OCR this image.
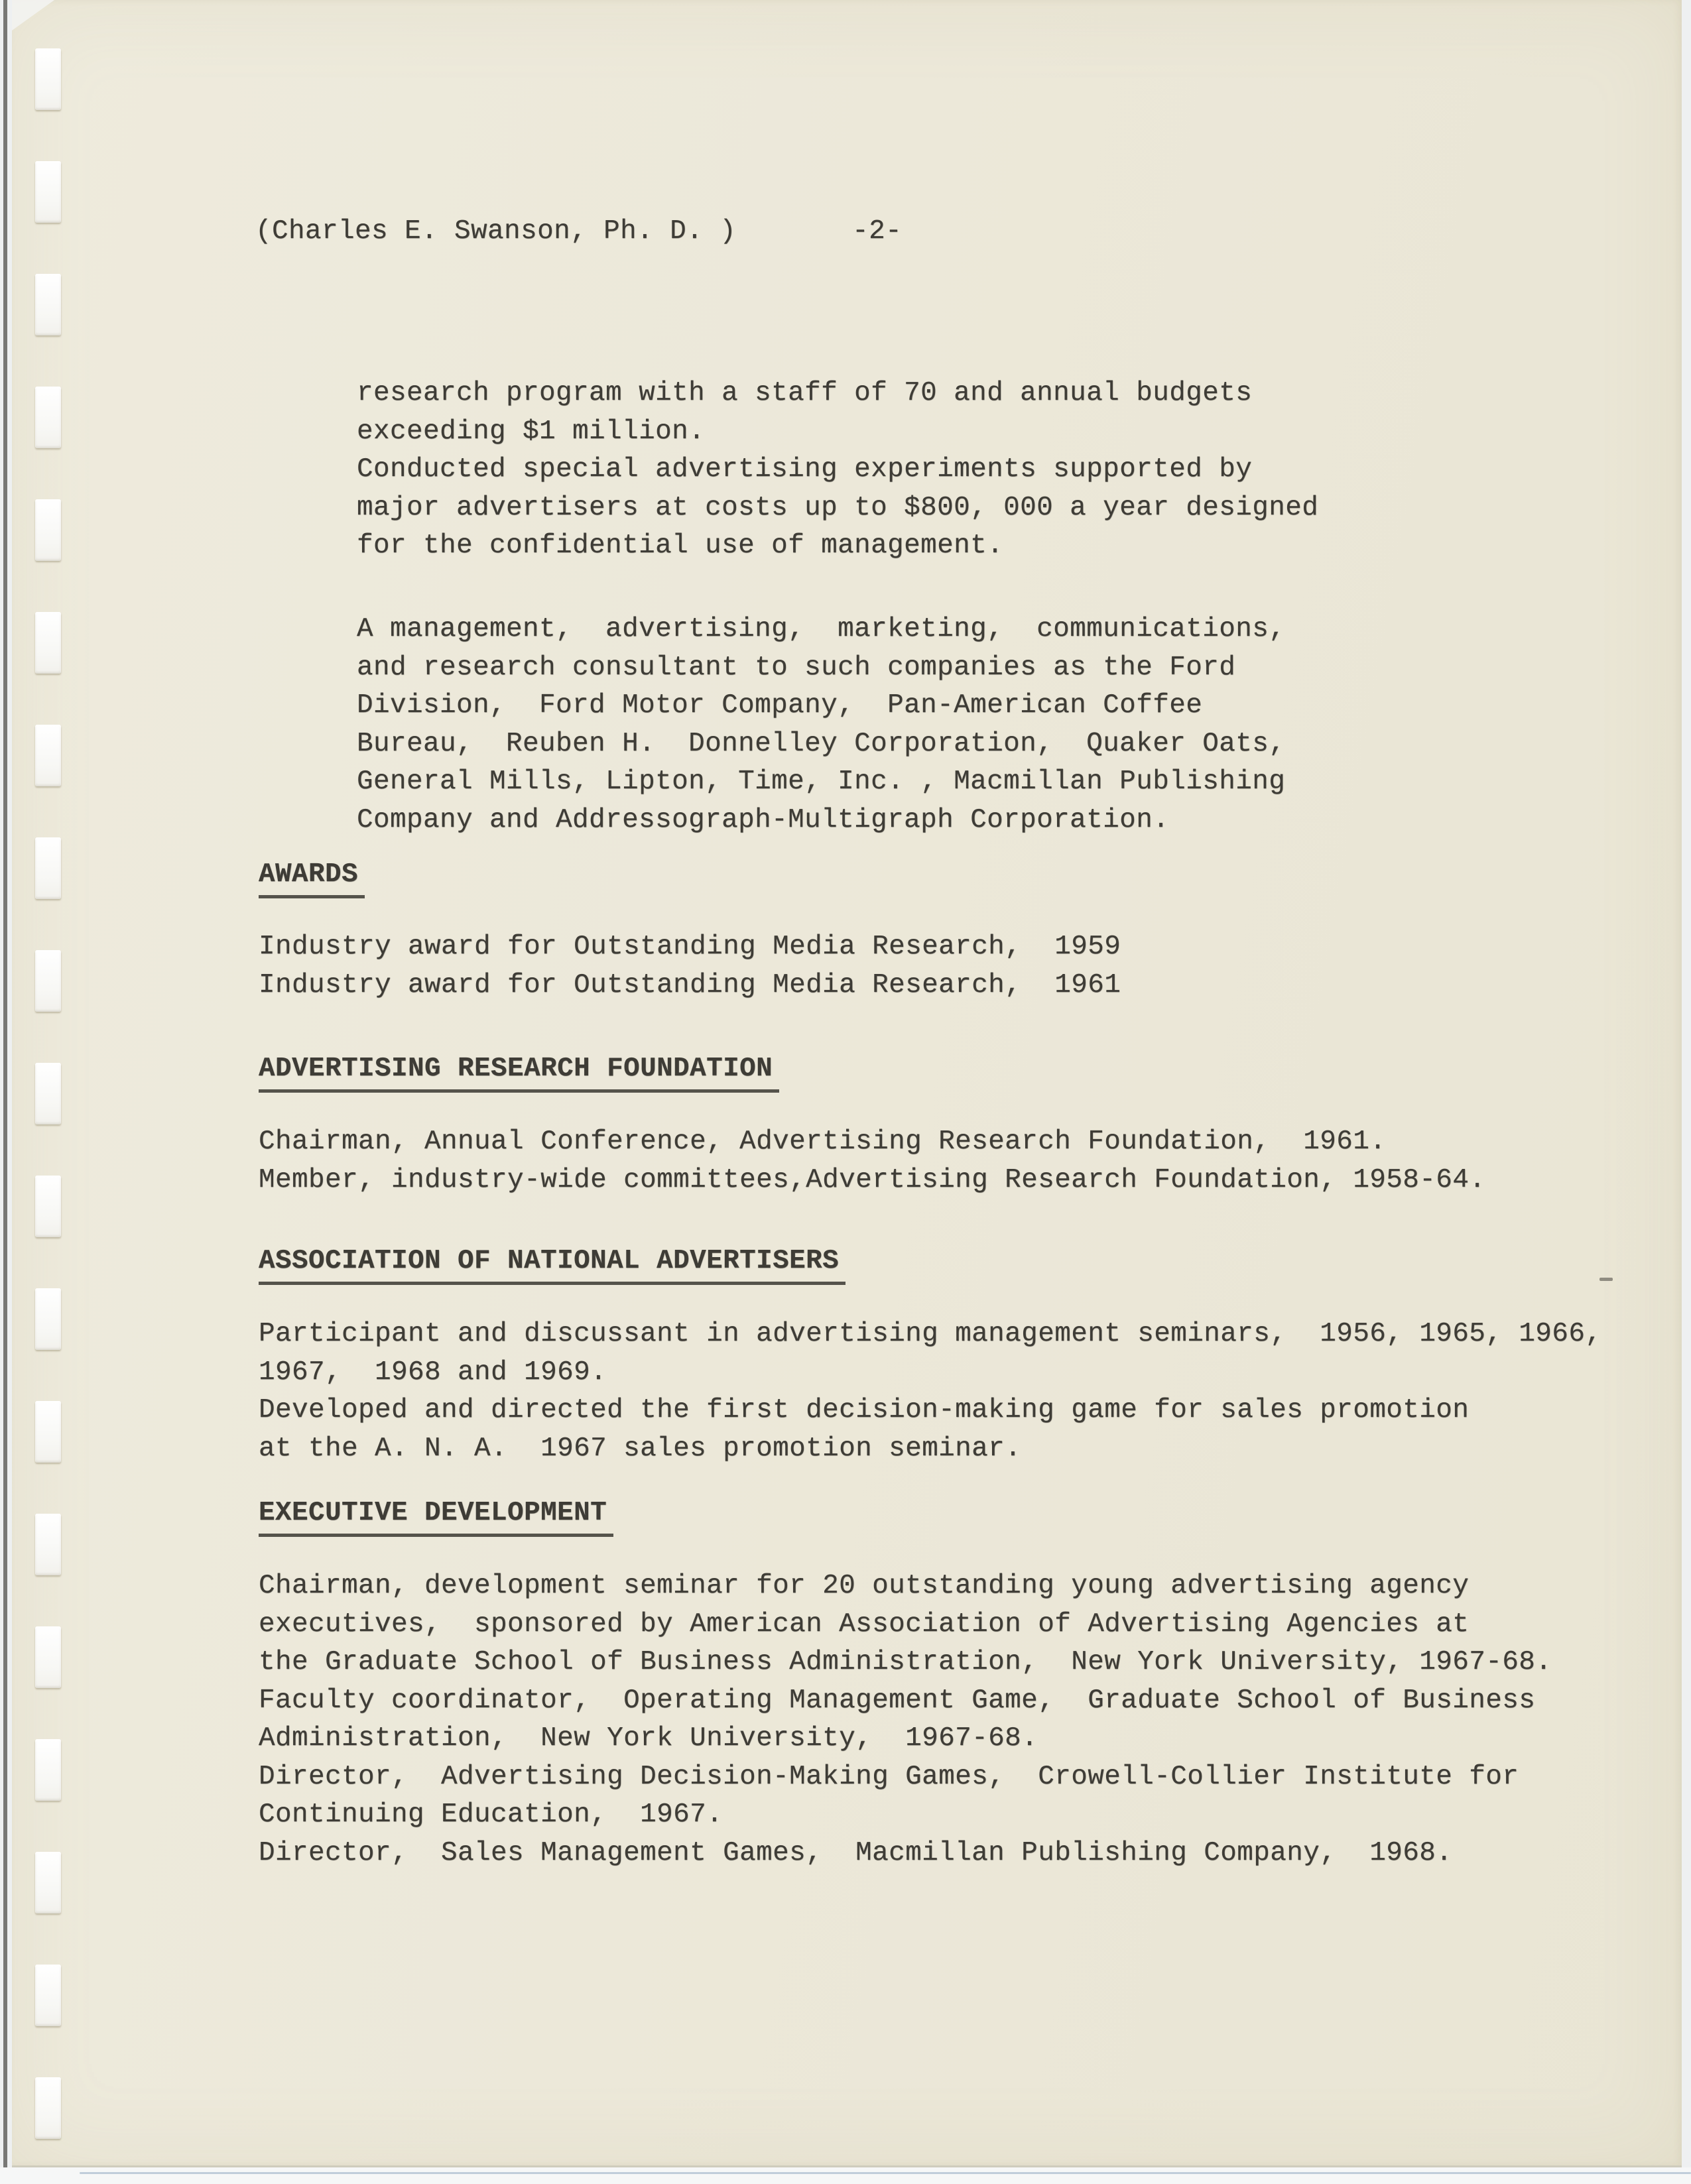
(Charles E. Swanson, Ph. D. )	-2-
research program with a staff of 70 and annual budgets
exceeding $1 million.
Conducted special advertising experiments supported by
major advertisers at costs up to $800, 000 a year designed
for the confidential use of management.
A management,  advertising,  marketing,  communications,
and research consultant to such companies as the Ford
Division,  Ford Motor Company,  Pan-American Coffee
Bureau,  Reuben H.  Donnelley Corporation,  Quaker Oats,
General Mills, Lipton, Time, Inc. , Macmillan Publishing
Company and Addressograph-Multigraph Corporation.
AWARDS
Industry award for Outstanding Media Research,  1959
Industry award for Outstanding Media Research,  1961
ADVERTISING RESEARCH FOUNDATION
Chairman, Annual Conference, Advertising Research Foundation,  1961.
Member, industry-wide committees,Advertising Research Foundation, 1958-64.
ASSOCIATION OF NATIONAL ADVERTISERS
Participant and discussant in advertising management seminars,  1956, 1965, 1966,
1967,  1968 and 1969.
Developed and directed the first decision-making game for sales promotion
at the A. N. A.  1967 sales promotion seminar.
EXECUTIVE DEVELOPMENT
Chairman, development seminar for 20 outstanding young advertising agency
executives,  sponsored by American Association of Advertising Agencies at
the Graduate School of Business Administration,  New York University, 1967-68.
Faculty coordinator,  Operating Management Game,  Graduate School of Business
Administration,  New York University,  1967-68.
Director,  Advertising Decision-Making Games,  Crowell-Collier Institute for
Continuing Education,  1967.
Director,  Sales Management Games,  Macmillan Publishing Company,  1968.
